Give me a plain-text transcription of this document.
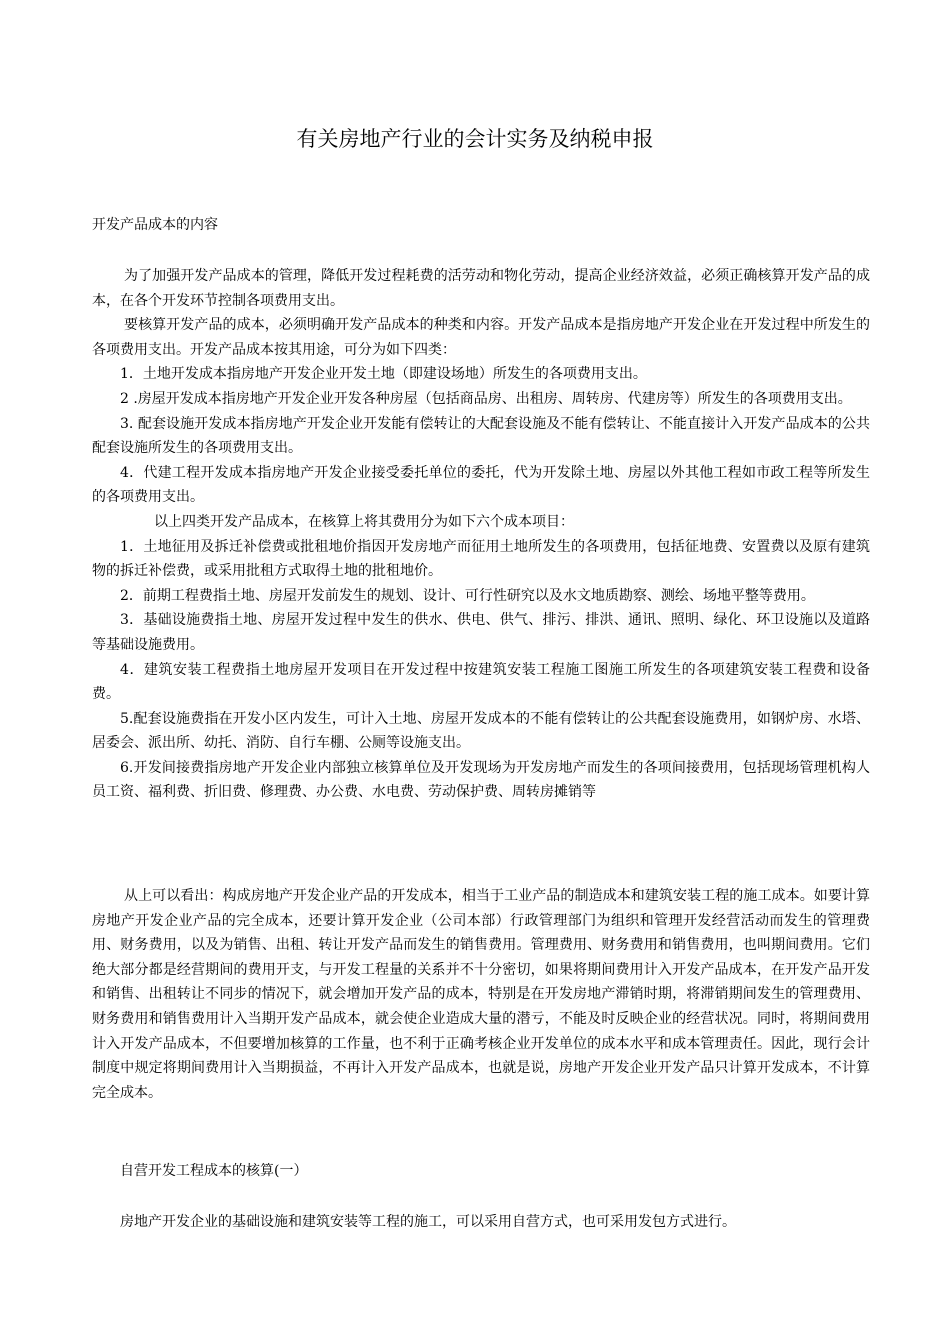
有关房地产行业的会计实务及纳税申报
开发产品成本的内容

为了加强开发产品成本的管理，降低开发过程耗费的活劳动和物化劳动，提高企业经济效益，必须正确核算开发产品的成本，在各个开发环节控制各项费用支出。

要核算开发产品的成本，必须明确开发产品成本的种类和内容。开发产品成本是指房地产开发企业在开发过程中所发生的各项费用支出。开发产品成本按其用途，可分为如下四类：

1．土地开发成本指房地产开发企业开发土地（即建设场地）所发生的各项费用支出。

2 .房屋开发成本指房地产开发企业开发各种房屋（包括商品房、出租房、周转房、代建房等）所发生的各项费用支出。

3. 配套设施开发成本指房地产开发企业开发能有偿转让的大配套设施及不能有偿转让、不能直接计入开发产品成本的公共配套设施所发生的各项费用支出。

4．代建工程开发成本指房地产开发企业接受委托单位的委托，代为开发除土地、房屋以外其他工程如市政工程等所发生的各项费用支出。

以上四类开发产品成本，在核算上将其费用分为如下六个成本项目：

1．土地征用及拆迁补偿费或批租地价指因开发房地产而征用土地所发生的各项费用，包括征地费、安置费以及原有建筑物的拆迁补偿费，或采用批租方式取得土地的批租地价。

2．前期工程费指土地、房屋开发前发生的规划、设计、可行性研究以及水文地质勘察、测绘、场地平整等费用。

3．基础设施费指土地、房屋开发过程中发生的供水、供电、供气、排污、排洪、通讯、照明、绿化、环卫设施以及道路等基础设施费用。

4．建筑安装工程费指土地房屋开发项目在开发过程中按建筑安装工程施工图施工所发生的各项建筑安装工程费和设备费。

5.配套设施费指在开发小区内发生，可计入土地、房屋开发成本的不能有偿转让的公共配套设施费用，如钢炉房、水塔、居委会、派出所、幼托、消防、自行车棚、公厕等设施支出。

6.开发间接费指房地产开发企业内部独立核算单位及开发现场为开发房地产而发生的各项间接费用，包括现场管理机构人员工资、福利费、折旧费、修理费、办公费、水电费、劳动保护费、周转房摊销等

从上可以看出：构成房地产开发企业产品的开发成本，相当于工业产品的制造成本和建筑安装工程的施工成本。如要计算房地产开发企业产品的完全成本，还要计算开发企业（公司本部）行政管理部门为组织和管理开发经营活动而发生的管理费用、财务费用，以及为销售、出租、转让开发产品而发生的销售费用。管理费用、财务费用和销售费用，也叫期间费用。它们绝大部分都是经营期间的费用开支，与开发工程量的关系并不十分密切，如果将期间费用计入开发产品成本，在开发产品开发和销售、出租转让不同步的情况下，就会增加开发产品的成本，特别是在开发房地产滞销时期，将滞销期间发生的管理费用、财务费用和销售费用计入当期开发产品成本，就会使企业造成大量的潜亏，不能及时反映企业的经营状况。同时，将期间费用计入开发产品成本，不但要增加核算的工作量，也不利于正确考核企业开发单位的成本水平和成本管理责任。因此，现行会计制度中规定将期间费用计入当期损益，不再计入开发产品成本，也就是说，房地产开发企业开发产品只计算开发成本，不计算完全成本。

自营开发工程成本的核算(一）

房地产开发企业的基础设施和建筑安装等工程的施工，可以采用自营方式，也可采用发包方式进行。
